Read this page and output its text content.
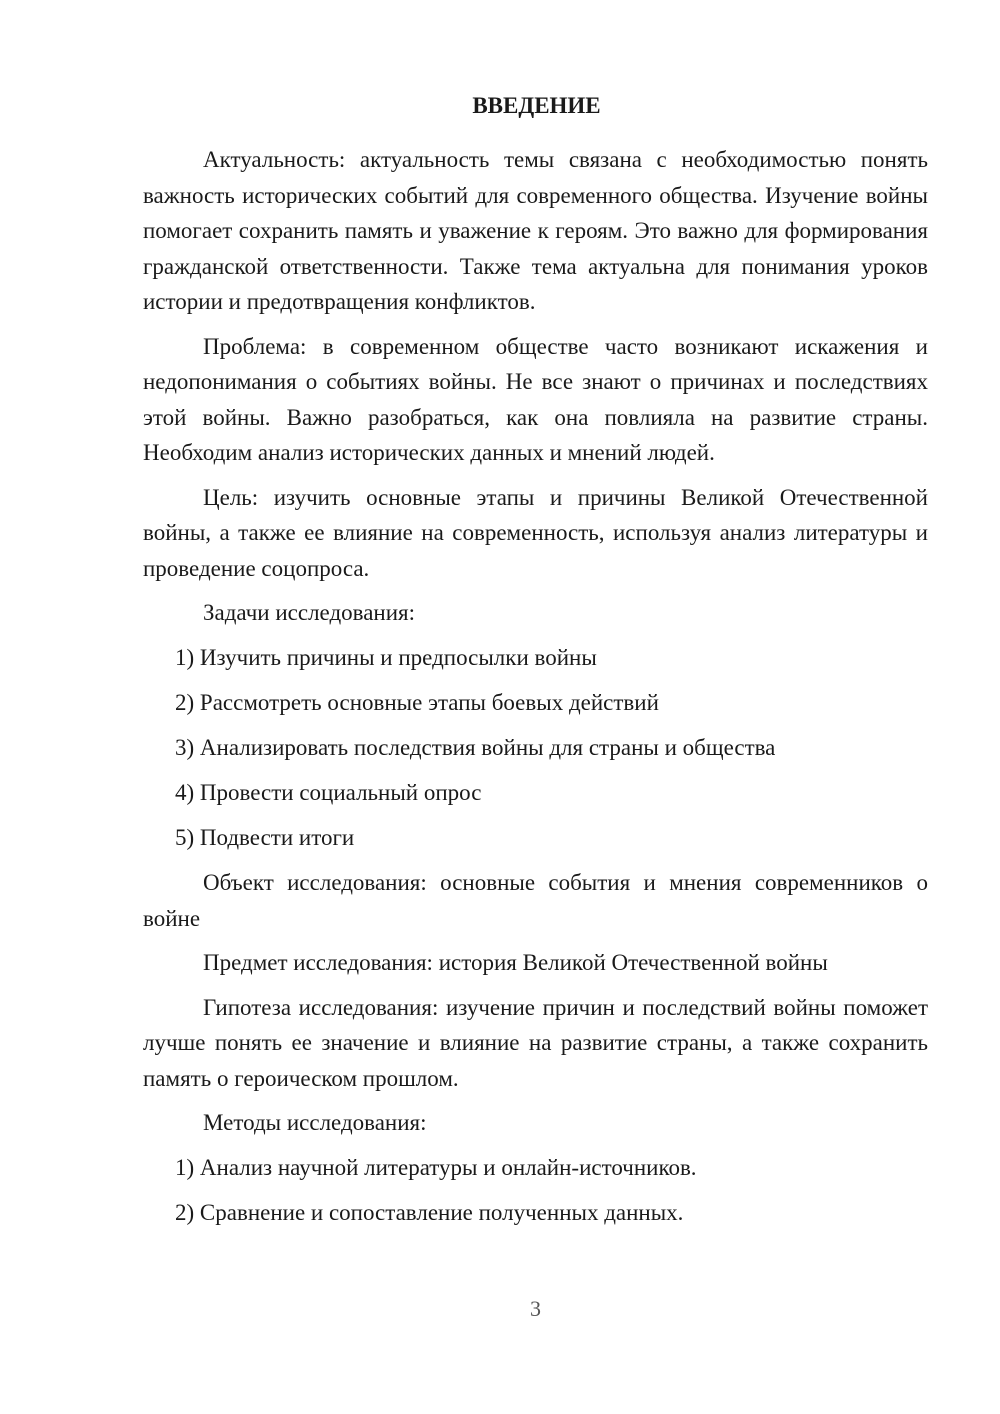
ВВЕДЕНИЕ

Актуальность: актуальность темы связана с необходимостью понять важность исторических событий для современного общества. Изучение войны помогает сохранить память и уважение к героям. Это важно для формирования гражданской ответственности. Также тема актуальна для понимания уроков истории и предотвращения конфликтов.

Проблема: в современном обществе часто возникают искажения и недопонимания о событиях войны. Не все знают о причинах и последствиях этой войны. Важно разобраться, как она повлияла на развитие страны. Необходим анализ исторических данных и мнений людей.

Цель: изучить основные этапы и причины Великой Отечественной войны, а также ее влияние на современность, используя анализ литературы и проведение соцопроса.

Задачи исследования:
1) Изучить причины и предпосылки войны
2) Рассмотреть основные этапы боевых действий
3) Анализировать последствия войны для страны и общества
4) Провести социальный опрос
5) Подвести итоги

Объект исследования: основные события и мнения современников о войне

Предмет исследования: история Великой Отечественной войны

Гипотеза исследования: изучение причин и последствий войны поможет лучше понять ее значение и влияние на развитие страны, а также сохранить память о героическом прошлом.

Методы исследования:
1) Анализ научной литературы и онлайн-источников.
2) Сравнение и сопоставление полученных данных.
3
